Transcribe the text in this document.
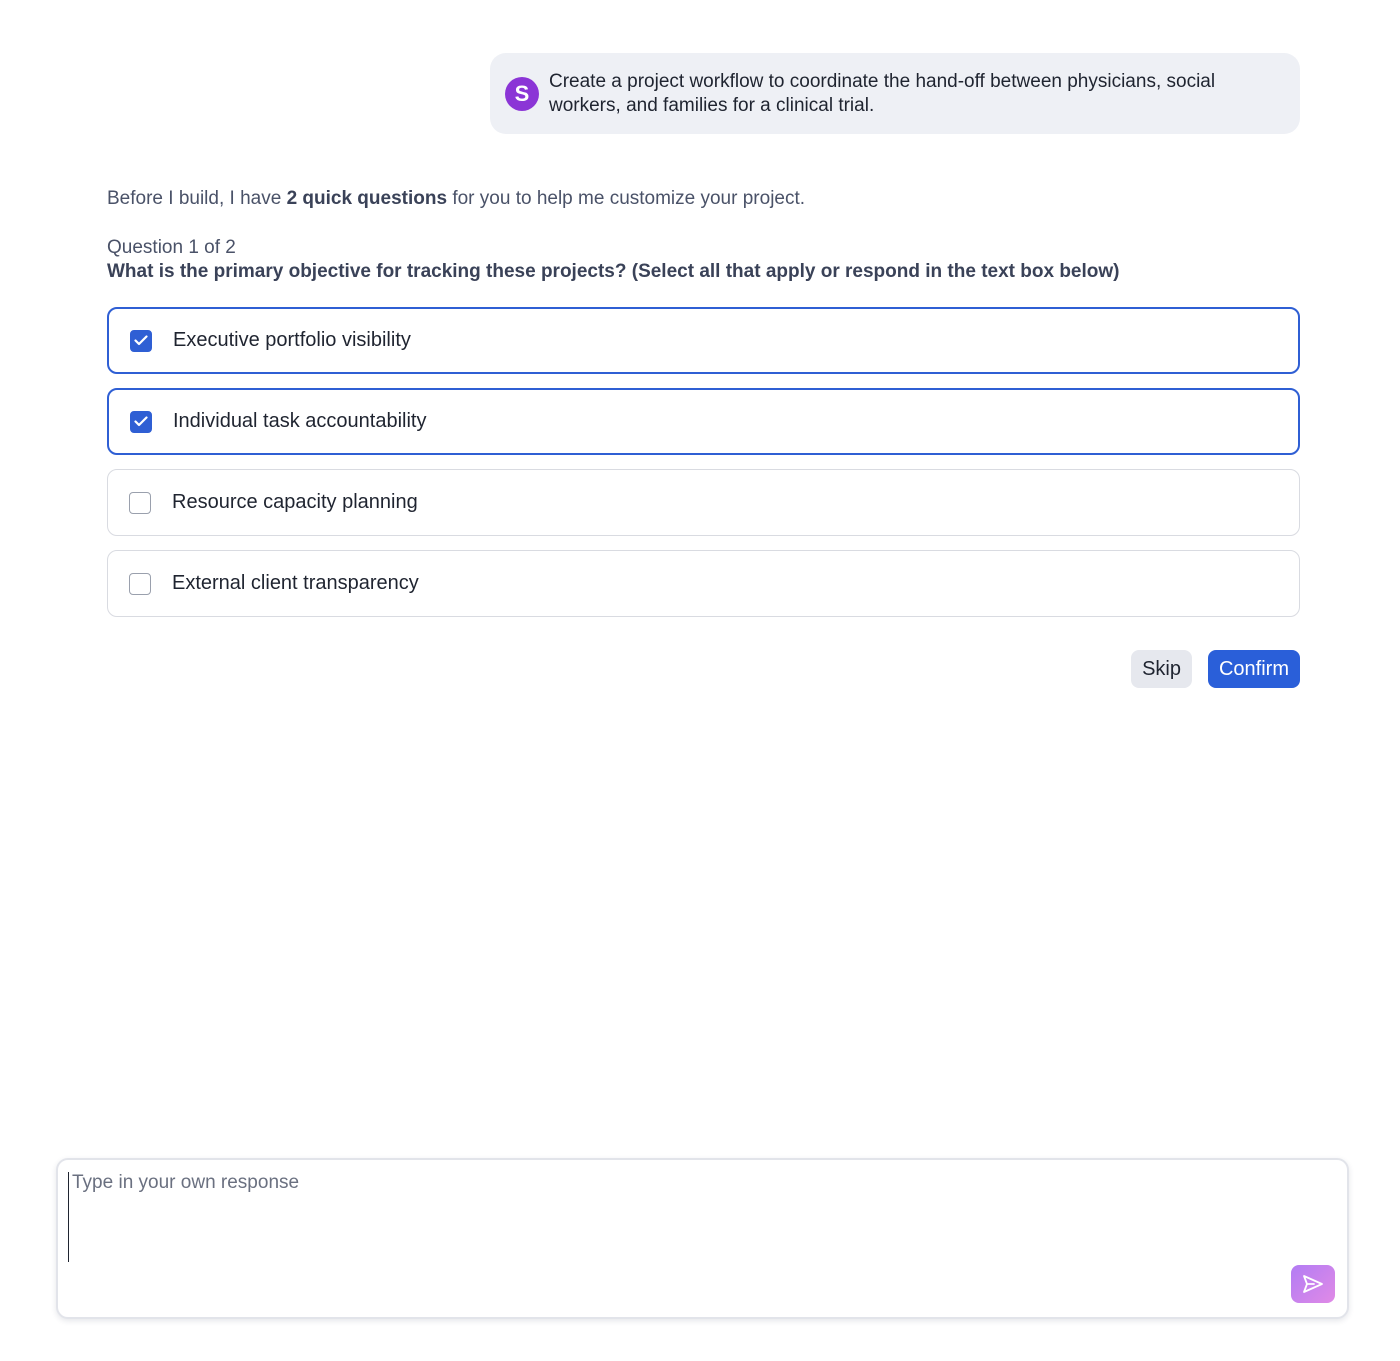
S	Create a project workflow to coordinate the hand-off between physicians, social workers, and families for a clinical trial.
Before I build, I have 2 quick questions for you to help me customize your project.
Question 1 of 2
What is the primary objective for tracking these projects? (Select all that apply or respond in the text box below)
Executive portfolio visibility
Individual task accountability
Resource capacity planning
External client transparency
Skip	Confirm
Type in your own response
